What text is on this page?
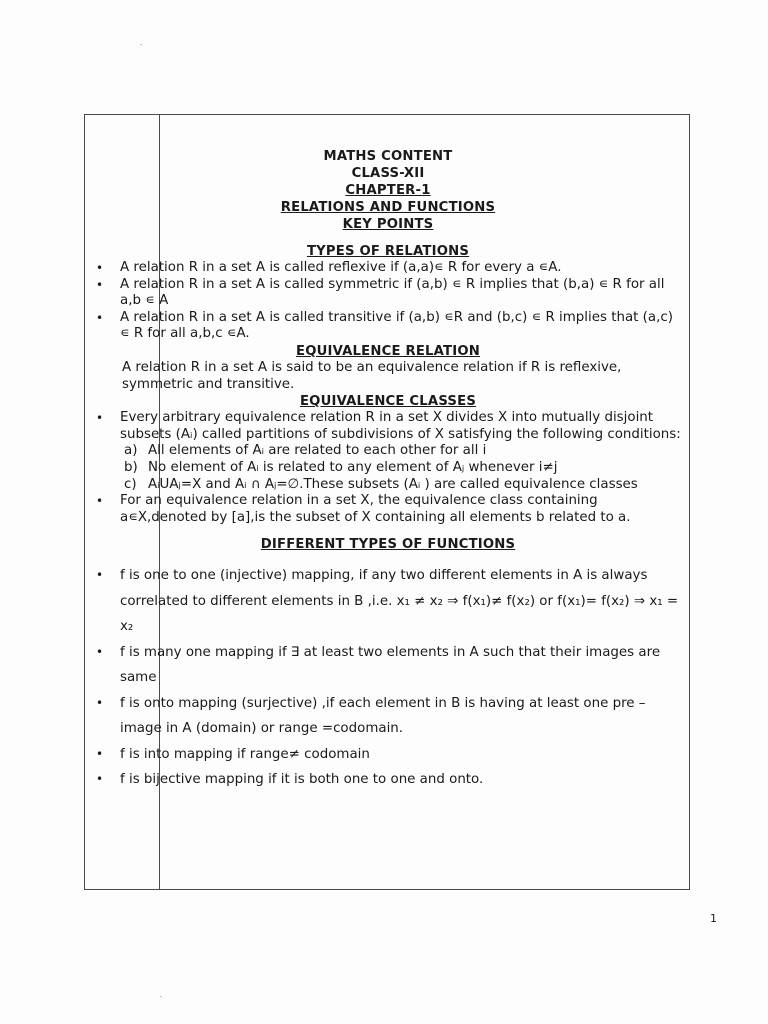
MATHS CONTENT
CLASS-XII
CHAPTER-1
RELATIONS AND FUNCTIONS
KEY POINTS
TYPES OF RELATIONS
• A relation R in a set A is called reflexive if (a,a)∊ R for every a ∊A.
• A relation R in a set A is called symmetric if (a,b) ∊ R implies that (b,a) ∊ R for all a,b ∊ A
• A relation R in a set A is called transitive if (a,b) ∊R and (b,c) ∊ R implies that (a,c) ∊ R for all a,b,c ∊A.
EQUIVALENCE RELATION
A relation R in a set A is said to be an equivalence relation if R is reflexive, symmetric and transitive.
EQUIVALENCE CLASSES
• Every arbitrary equivalence relation R in a set X divides X into mutually disjoint subsets (Aᵢ) called partitions of subdivisions of X satisfying the following conditions:
a) All elements of Aᵢ are related to each other for all i
b) No element of Aᵢ is related to any element of Aⱼ whenever i≠j
c) AᵢUAⱼ=X and Aᵢ ∩ Aⱼ=∅.These subsets (Aᵢ ) are called equivalence classes
• For an equivalence relation in a set X, the equivalence class containing a∊X,denoted by [a],is the subset of X containing all elements b related to a.
DIFFERENT TYPES OF FUNCTIONS
• f is one to one (injective) mapping, if any two different elements in A is always correlated to different elements in B ,i.e. x₁ ≠ x₂ ⇒ f(x₁)≠ f(x₂) or f(x₁)= f(x₂) ⇒ x₁ = x₂
• f is many one mapping if ∃ at least two elements in A such that their images are same
• f is onto mapping (surjective) ,if each element in B is having at least one pre –image in A (domain) or range =codomain.
• f is into mapping if range≠ codomain
• f is bijective mapping if it is both one to one and onto.
1
